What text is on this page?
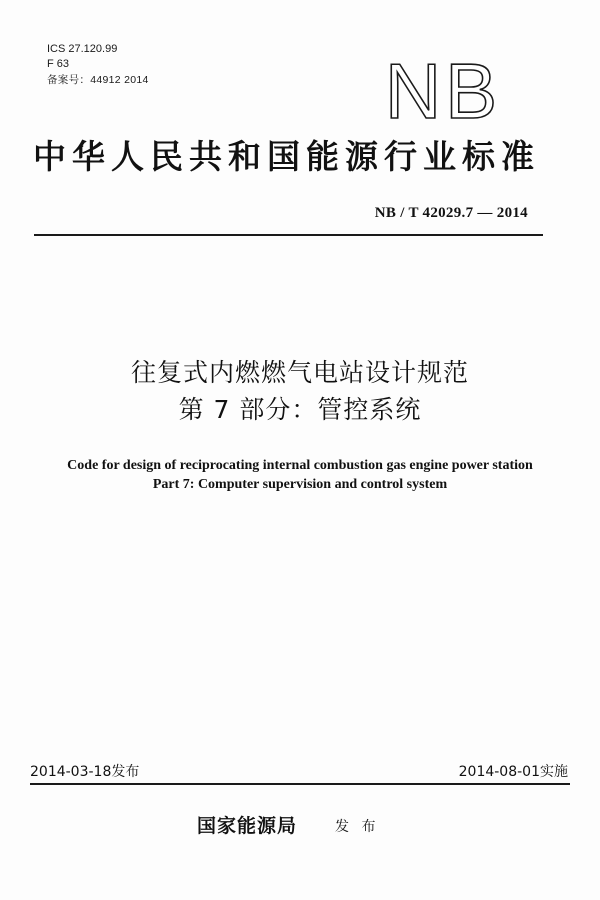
ICS 27.120.99
F 63
备案号：44912 2014	NB
中华人民共和国能源行业标准
NB / T 42029.7 — 2014
往复式内燃燃气电站设计规范
第 7 部分：管控系统
Code for design of reciprocating internal combustion gas engine power station
Part 7: Computer supervision and control system
2014-03-18发布	2014-08-01实施
国家能源局	发 布
